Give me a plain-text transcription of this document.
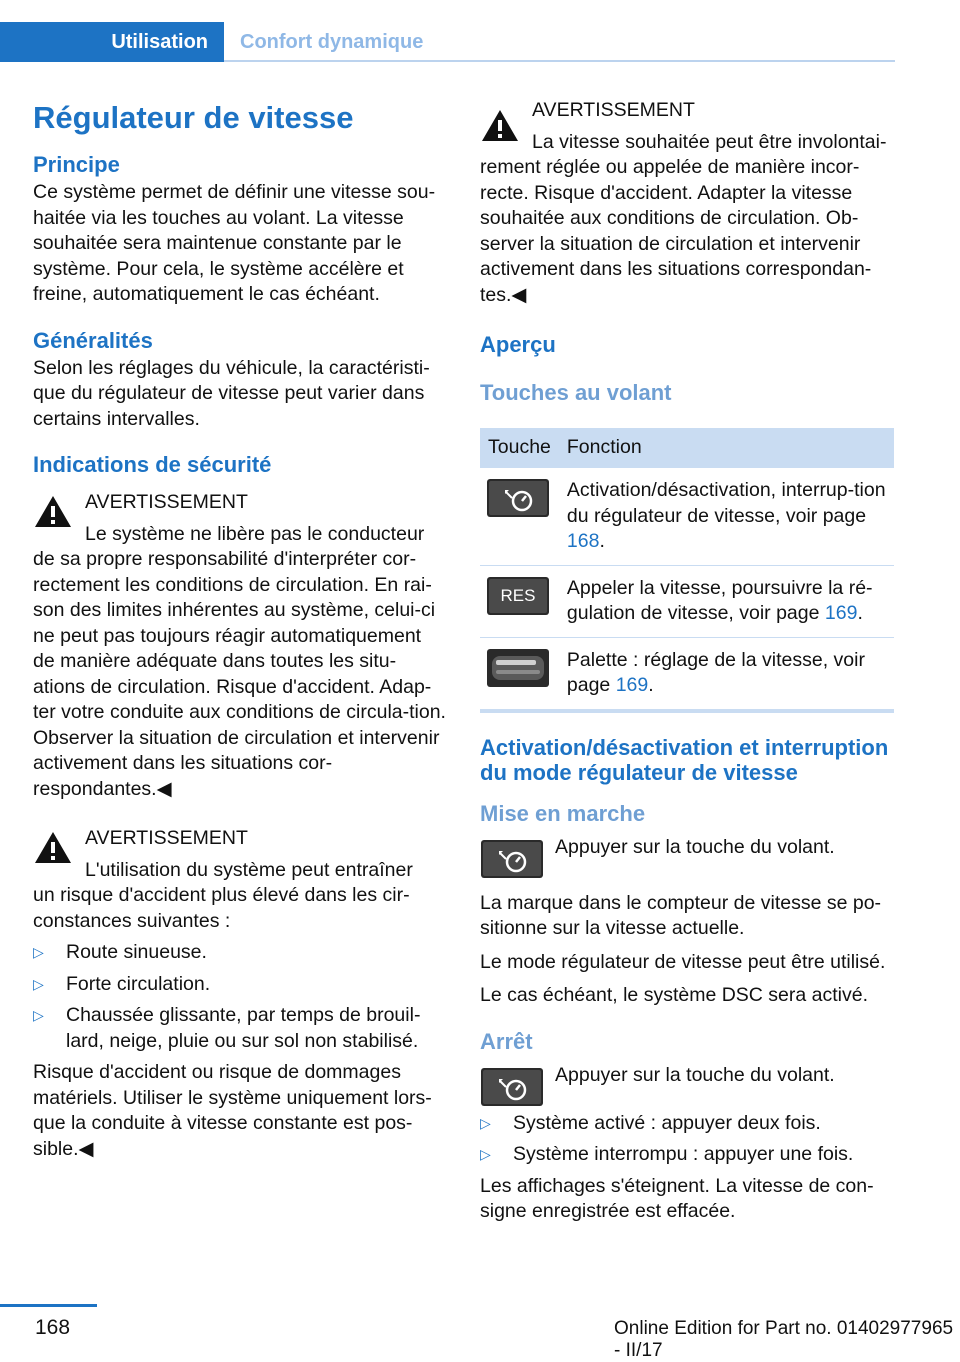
Utilisation	Confort dynamique
Régulateur de vitesse
Principe

Ce système permet de définir une vitesse sou‐haitée via les touches au volant. La vitesse souhaitée sera maintenue constante par le système. Pour cela, le système accélère et freine, automatiquement le cas échéant.

Généralités

Selon les réglages du véhicule, la caractéristi‐que du régulateur de vitesse peut varier dans certains intervalles.

Indications de sécurité

AVERTISSEMENT

Le système ne libère pas le conducteur

de sa propre responsabilité d'interpréter cor‐rectement les conditions de circulation. En rai‐son des limites inhérentes au système, celui-ci ne peut pas toujours réagir automatiquement de manière adéquate dans toutes les situ‐ations de circulation. Risque d'accident. Adap‐ter votre conduite aux conditions de circula‐tion. Observer la situation de circulation et intervenir activement dans les situations cor‐respondantes.◀

AVERTISSEMENT

L'utilisation du système peut entraîner

un risque d'accident plus élevé dans les cir‐constances suivantes :

▷ Route sinueuse.
▷ Forte circulation.
▷ Chaussée glissante, par temps de brouil‐lard, neige, pluie ou sur sol non stabilisé.

Risque d'accident ou risque de dommages matériels. Utiliser le système uniquement lors‐que la conduite à vitesse constante est pos‐sible.◀

AVERTISSEMENT

La vitesse souhaitée peut être involontai‐

rement réglée ou appelée de manière incor‐recte. Risque d'accident. Adapter la vitesse souhaitée aux conditions de circulation. Ob‐server la situation de circulation et intervenir activement dans les situations correspondan‐tes.◀

Aperçu
Touches au volant
Touche	Fonction

	Activation/désactivation, interrup‐tion du régulateur de vitesse, voir page 168.

RES	Appeler la vitesse, poursuivre la ré‐gulation de vitesse, voir page 169.

	Palette : réglage de la vitesse, voir page 169.
Activation/désactivation et interruption du mode régulateur de vitesse
Mise en marche

Appuyer sur la touche du volant.

La marque dans le compteur de vitesse se po‐sitionne sur la vitesse actuelle.

Le mode régulateur de vitesse peut être utilisé.

Le cas échéant, le système DSC sera activé.

Arrêt

Appuyer sur la touche du volant.

▷ Système activé : appuyer deux fois.
▷ Système interrompu : appuyer une fois.

Les affichages s'éteignent. La vitesse de con‐signe enregistrée est effacée.

168	Online Edition for Part no. 01402977965 - II/17
